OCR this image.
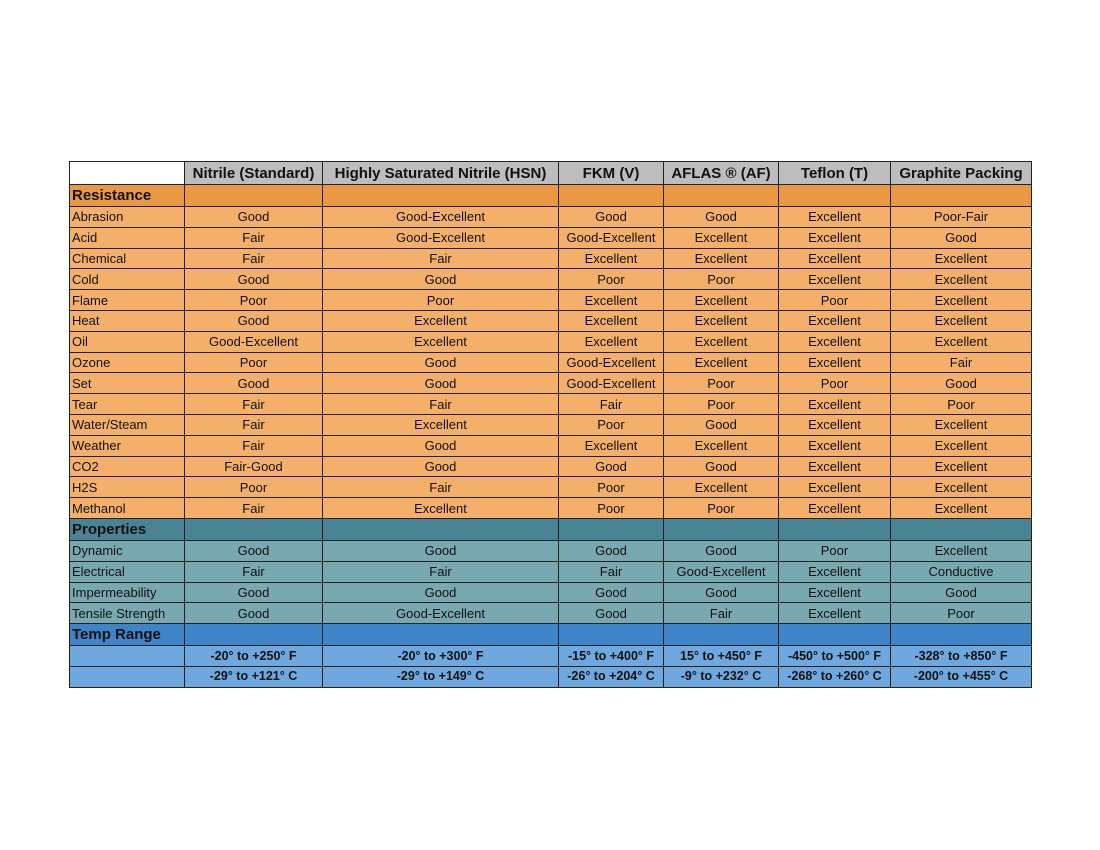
	Nitrile (Standard)	Highly Saturated Nitrile (HSN)	FKM (V)	AFLAS ® (AF)	Teflon (T)	Graphite Packing
Resistance						
Abrasion	Good	Good-Excellent	Good	Good	Excellent	Poor-Fair
Acid	Fair	Good-Excellent	Good-Excellent	Excellent	Excellent	Good
Chemical	Fair	Fair	Excellent	Excellent	Excellent	Excellent
Cold	Good	Good	Poor	Poor	Excellent	Excellent
Flame	Poor	Poor	Excellent	Excellent	Poor	Excellent
Heat	Good	Excellent	Excellent	Excellent	Excellent	Excellent
Oil	Good-Excellent	Excellent	Excellent	Excellent	Excellent	Excellent
Ozone	Poor	Good	Good-Excellent	Excellent	Excellent	Fair
Set	Good	Good	Good-Excellent	Poor	Poor	Good
Tear	Fair	Fair	Fair	Poor	Excellent	Poor
Water/Steam	Fair	Excellent	Poor	Good	Excellent	Excellent
Weather	Fair	Good	Excellent	Excellent	Excellent	Excellent
CO2	Fair-Good	Good	Good	Good	Excellent	Excellent
H2S	Poor	Fair	Poor	Excellent	Excellent	Excellent
Methanol	Fair	Excellent	Poor	Poor	Excellent	Excellent
Properties						
Dynamic	Good	Good	Good	Good	Poor	Excellent
Electrical	Fair	Fair	Fair	Good-Excellent	Excellent	Conductive
Impermeability	Good	Good	Good	Good	Excellent	Good
Tensile Strength	Good	Good-Excellent	Good	Fair	Excellent	Poor
Temp Range						
	-20° to +250° F	-20° to +300° F	-15° to +400° F	15° to +450° F	-450° to +500° F	-328° to +850° F
	-29° to +121° C	-29° to +149° C	-26° to +204° C	-9° to +232° C	-268° to +260° C	-200° to +455° C
